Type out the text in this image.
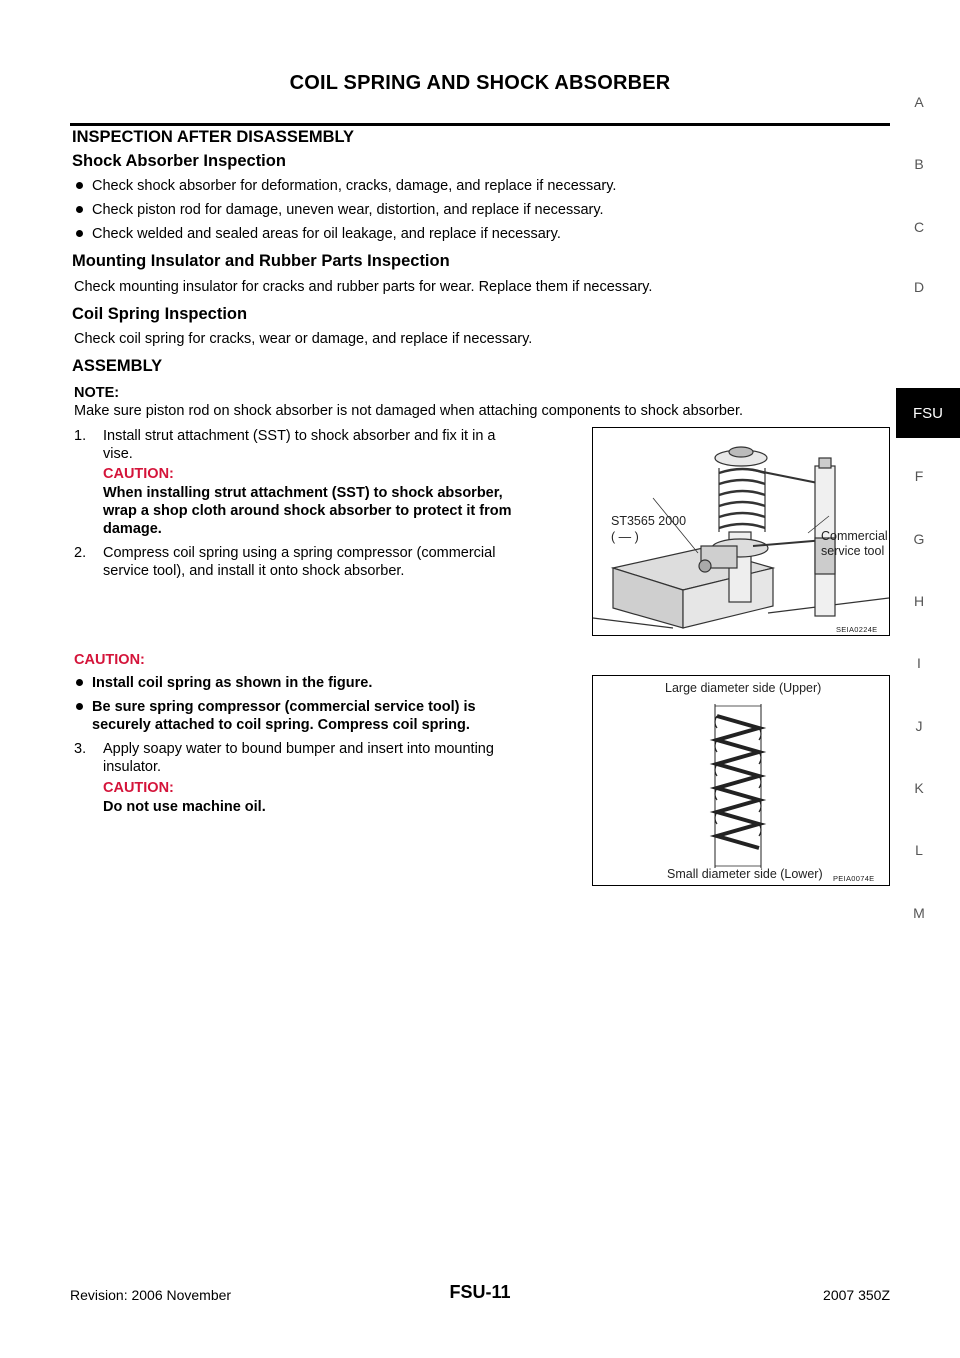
COIL SPRING AND SHOCK ABSORBER
A
B
C
D
FSU
F
G
H
I
J
K
L
M
INSPECTION AFTER DISASSEMBLY
Shock Absorber Inspection
Check shock absorber for deformation, cracks, damage, and replace if necessary.
Check piston rod for damage, uneven wear, distortion, and replace if necessary.
Check welded and sealed areas for oil leakage, and replace if necessary.
Mounting Insulator and Rubber Parts Inspection
Check mounting insulator for cracks and rubber parts for wear. Replace them if necessary.
Coil Spring Inspection
Check coil spring for cracks, wear or damage, and replace if necessary.
ASSEMBLY
NOTE:
Make sure piston rod on shock absorber is not damaged when attaching components to shock absorber.
1. Install strut attachment (SST) to shock absorber and fix it in a
vise.
CAUTION:
When installing strut attachment (SST) to shock absorber,
wrap a shop cloth around shock absorber to protect it from
damage.
2. Compress coil spring using a spring compressor (commercial
service tool), and install it onto shock absorber.
CAUTION:
Install coil spring as shown in the figure.
Be sure spring compressor (commercial service tool) is
securely attached to coil spring. Compress coil spring.
3. Apply soapy water to bound bumper and insert into mounting
insulator.
CAUTION:
Do not use machine oil.
ST3565 2000
( — )	Commercial
service tool
SEIA0224E
Large diameter side (Upper)
Small diameter side (Lower) PEIA0074E
Revision: 2006 November	FSU-11	2007 350Z
